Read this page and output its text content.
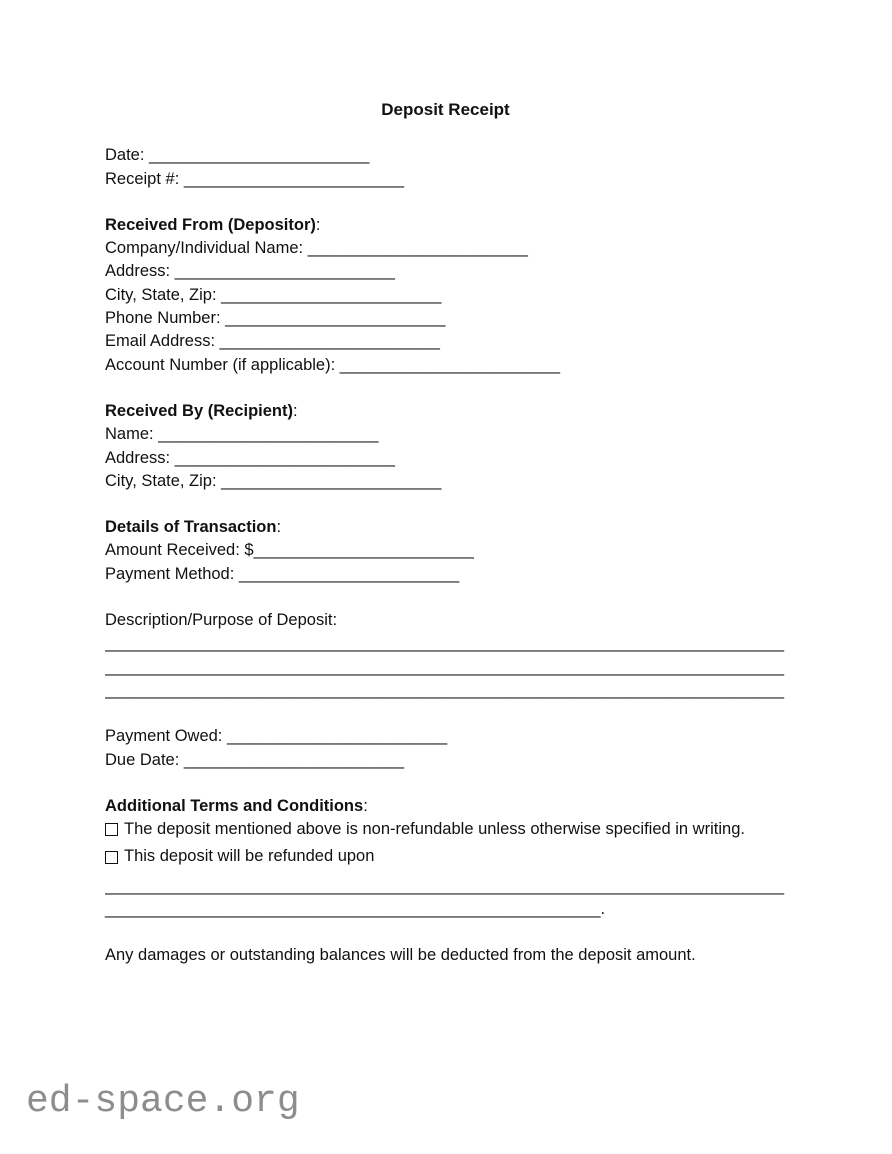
Deposit Receipt
Date: ________________________
Receipt #: ________________________
Received From (Depositor):
Company/Individual Name: ________________________
Address: ________________________
City, State, Zip: ________________________
Phone Number: ________________________
Email Address: ________________________
Account Number (if applicable): ________________________
Received By (Recipient):
Name: ________________________
Address: ________________________
City, State, Zip: ________________________
Details of Transaction:
Amount Received: $________________________
Payment Method: ________________________
Description/Purpose of Deposit:
__________________________________________________________________________
__________________________________________________________________________
__________________________________________________________________________
Payment Owed: ________________________
Due Date: ________________________
Additional Terms and Conditions:
The deposit mentioned above is non-refundable unless otherwise specified in writing.
This deposit will be refunded upon
__________________________________________________________________________
______________________________________________________.
Any damages or outstanding balances will be deducted from the deposit amount.
ed-space.org
